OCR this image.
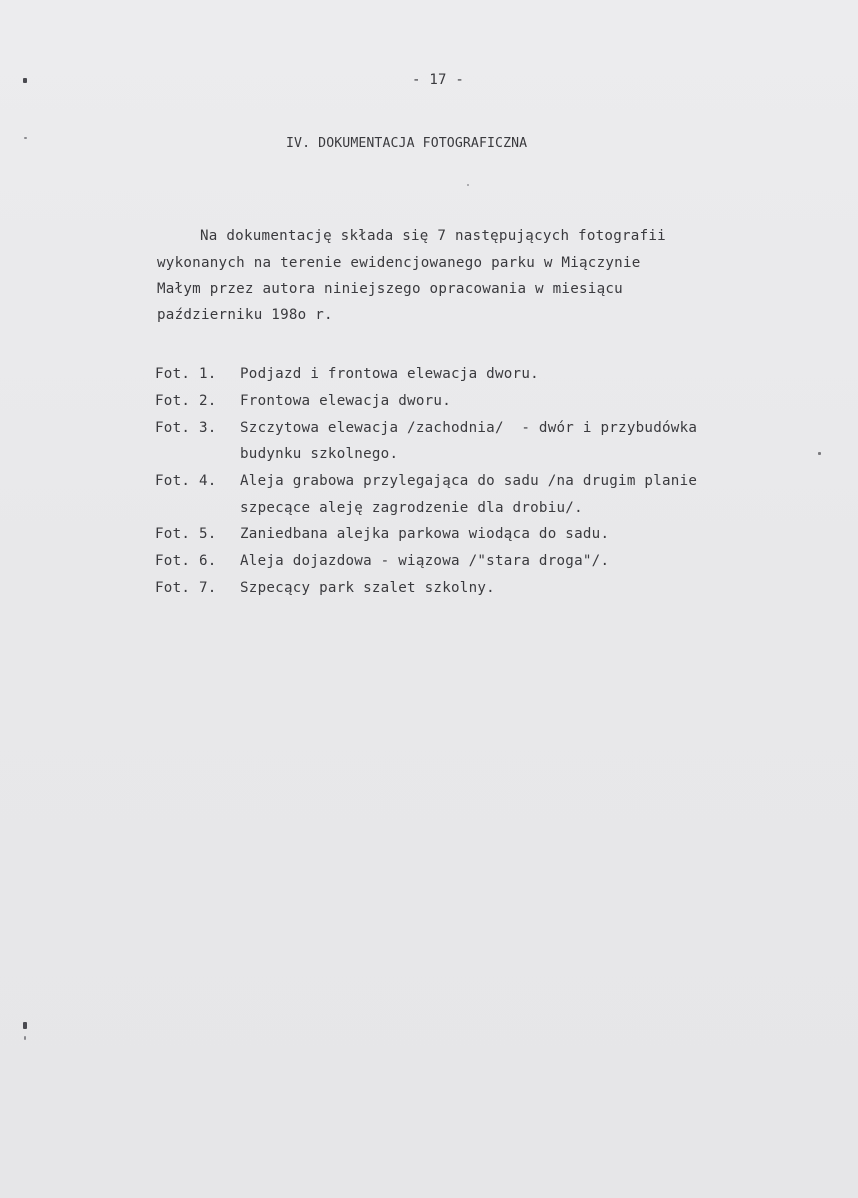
- 17 -
IV. DOKUMENTACJA FOTOGRAFICZNA
Na dokumentację składa się 7 następujących fotografii
wykonanych na terenie ewidencjowanego parku w Miączynie
Małym przez autora niniejszego opracowania w miesiącu
październiku 198o r.
Fot. 1. Podjazd i frontowa elewacja dworu.
Fot. 2. Frontowa elewacja dworu.
Fot. 3. Szczytowa elewacja /zachodnia/  - dwór i przybudówka
budynku szkolnego.
Fot. 4. Aleja grabowa przylegająca do sadu /na drugim planie
szpecące aleję zagrodzenie dla drobiu/.
Fot. 5. Zaniedbana alejka parkowa wiodąca do sadu.
Fot. 6. Aleja dojazdowa - wiązowa /"stara droga"/.
Fot. 7. Szpecący park szalet szkolny.
